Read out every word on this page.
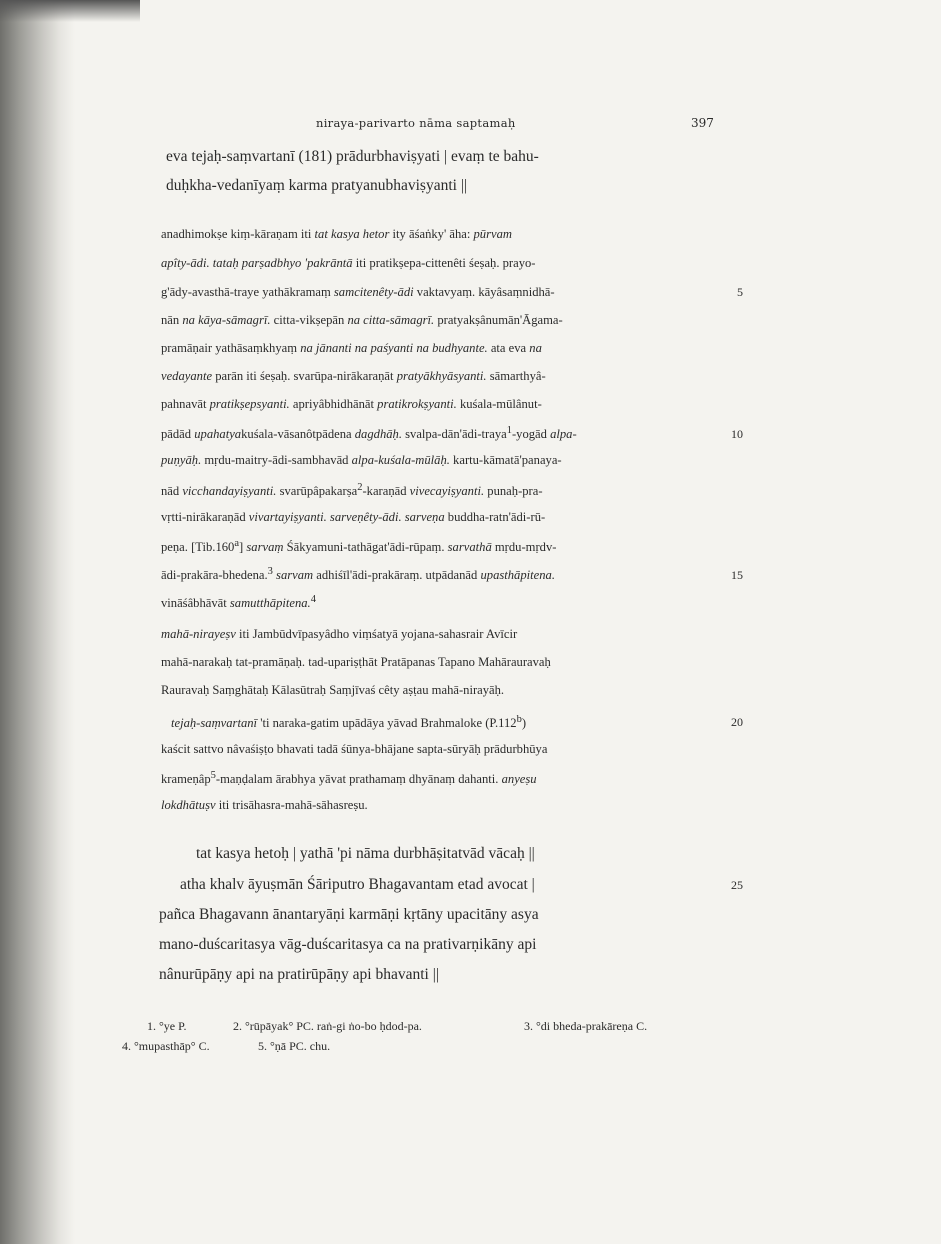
niraya-parivarto nāma saptamaḥ	397
eva tejaḥ-saṃvartanī (181) prādurbhaviṣyati | evaṃ te bahu-
duḥkha-vedanīyaṃ karma pratyanubhaviṣyanti ||
anadhimokṣe kiṃ-kāraṇam iti tat kasya hetor ity āśaṅky' āha: pūrvam
apîty-ādi. tataḥ parṣadbhyo 'pakrāntā iti pratikṣepa-cittenêti śeṣaḥ. prayo-
g'ādy-avasthā-traye yathākramaṃ samcitenêty-ādi vaktavyaṃ. kāyâsaṃnidhā-
nān na kāya-sāmagrī. citta-vikṣepān na citta-sāmagrī. pratyakṣânumān'Āgama-
pramāṇair yathāsaṃkhyaṃ na jānanti na paśyanti na budhyante. ata eva na
vedayante parān iti śeṣaḥ. svarūpa-nirākaraṇāt pratyākhyāsyanti. sāmarthyâ-
pahnavāt pratikṣepsyanti. apriyâbhidhānāt pratikrokṣyanti. kuśala-mūlânut-
pādād upahatyakuśala-vāsanôtpādena dagdhāḥ. svalpa-dān'ādi-traya$^1$-yogād alpa-
puṇyāḥ. mṛdu-maitry-ādi-sambhavād alpa-kuśala-mūlāḥ. kartu-kāmatā'panaya-
nād vicchandayiṣyanti. svarūpâpakarṣa$^2$-karaṇād vivecayiṣyanti. punaḥ-pra-
vṛtti-nirākaraṇād vivartayiṣyanti. sarveṇêty-ādi. sarveṇa buddha-ratn'ādi-rū-
peṇa. [Tib.160$^a$] sarvaṃ Śākyamuni-tathāgat'ādi-rūpaṃ. sarvathā mṛdu-mṛdv-
ādi-prakāra-bhedena.$^3$ sarvam adhiśīl'ādi-prakāraṃ. utpādanād upasthāpitena.
vināśâbhāvāt samutthāpitena.$^4$
mahā-nirayeṣv iti Jambūdvīpasyâdho viṃśatyā yojana-sahasrair Avīcir
mahā-narakaḥ tat-pramāṇaḥ. tad-upariṣṭhāt Pratāpanas Tapano Mahārauravaḥ
Rauravaḥ Saṃghātaḥ Kālasūtraḥ Saṃjīvaś cêty aṣṭau mahā-nirayāḥ.
tejaḥ-saṃvartanī 'ti naraka-gatim upādāya yāvad Brahmaloke (P.112$^b$)
kaścit sattvo nâvaśiṣṭo bhavati tadā śūnya-bhājane sapta-sūryāḥ prādurbhūya
krameṇâp$^5$-maṇḍalam ārabhya yāvat prathamaṃ dhyānaṃ dahanti. anyeṣu
lokdhātuṣv iti trisāhasra-mahā-sāhasreṣu.
tat kasya hetoḥ | yathā 'pi nāma durbhāṣitatvād vācaḥ ||
atha khalv āyuṣmān Śāriputro Bhagavantam etad avocat |
pañca Bhagavann ānantaryāṇi karmāṇi kṛtāny upacitāny asya
mano-duścaritasya vāg-duścaritasya ca na prativarṇikāny api
nânurūpāṇy api na pratirūpāṇy api bhavanti ||
5
10
15
20
25
1. °ye P.	2. °rūpāyak° PC. raṅ-gi ṅo-bo ḥdod-pa.	3. °di bheda-prakāreṇa C.
4. °mupasthāp° C.	5. °ṇā PC. chu.
